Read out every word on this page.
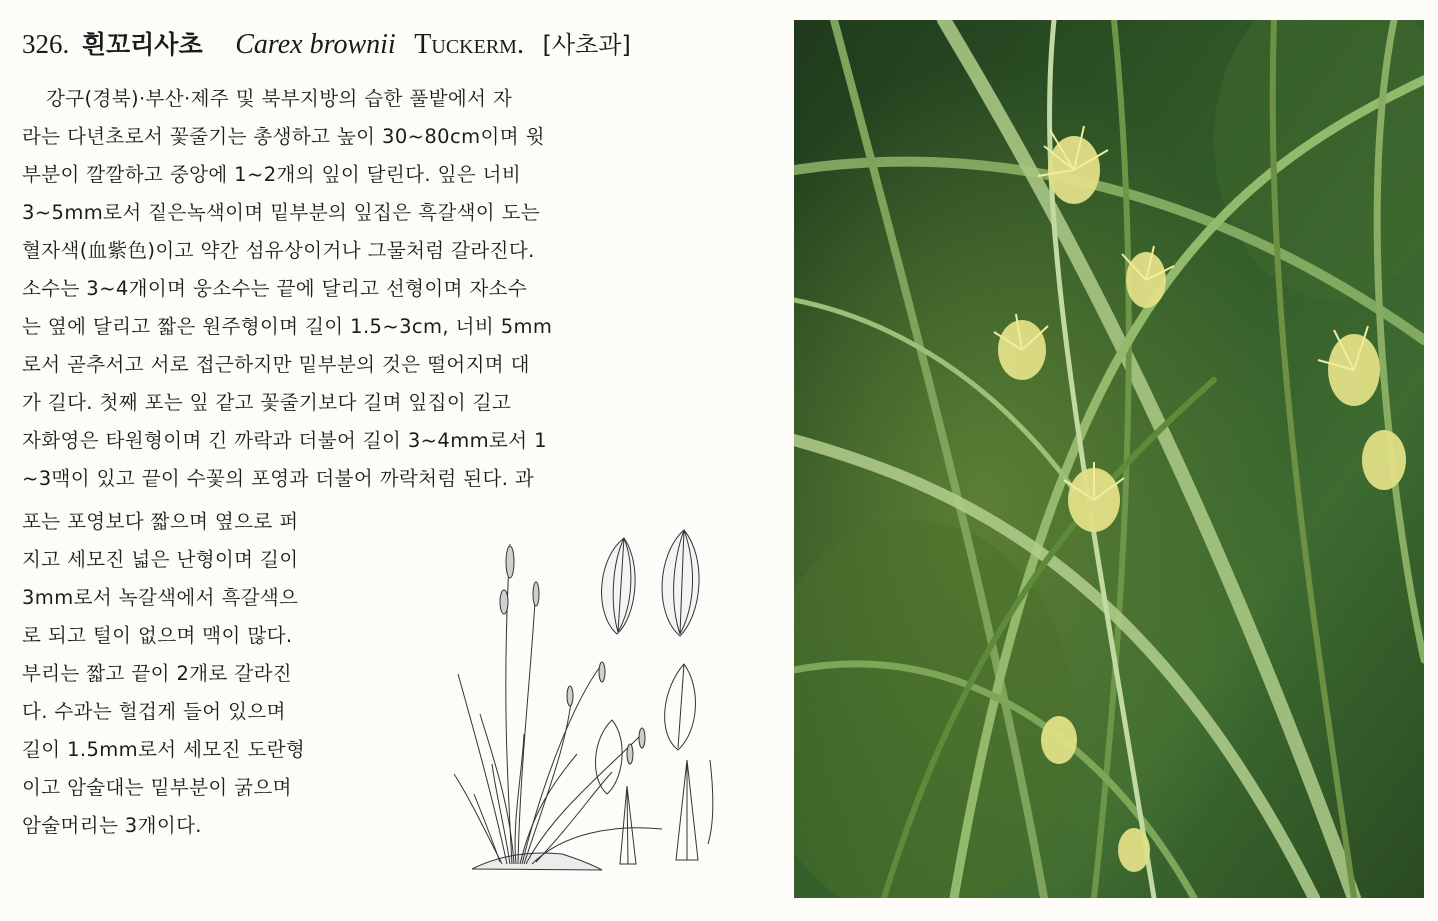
326. 흰꼬리사초 Carex brownii Tuckerm. [사초과]
강구(경북)·부산·제주 및 북부지방의 습한 풀밭에서 자
라는 다년초로서 꽃줄기는 총생하고 높이 30~80cm이며 윗
부분이 깔깔하고 중앙에 1~2개의 잎이 달린다. 잎은 너비
3~5mm로서 짙은녹색이며 밑부분의 잎집은 흑갈색이 도는
혈자색(血紫色)이고 약간 섬유상이거나 그물처럼 갈라진다.
소수는 3~4개이며 웅소수는 끝에 달리고 선형이며 자소수
는 옆에 달리고 짧은 원주형이며 길이 1.5~3cm, 너비 5mm
로서 곧추서고 서로 접근하지만 밑부분의 것은 떨어지며 대
가 길다. 첫째 포는 잎 같고 꽃줄기보다 길며 잎집이 길고
자화영은 타원형이며 긴 까락과 더불어 길이 3~4mm로서 1
~3맥이 있고 끝이 수꽃의 포영과 더불어 까락처럼 된다. 과
포는 포영보다 짧으며 옆으로 퍼
지고 세모진 넓은 난형이며 길이
3mm로서 녹갈색에서 흑갈색으
로 되고 털이 없으며 맥이 많다.
부리는 짧고 끝이 2개로 갈라진
다. 수과는 헐겁게 들어 있으며
길이 1.5mm로서 세모진 도란형
이고 암술대는 밑부분이 굵으며
암술머리는 3개이다.
